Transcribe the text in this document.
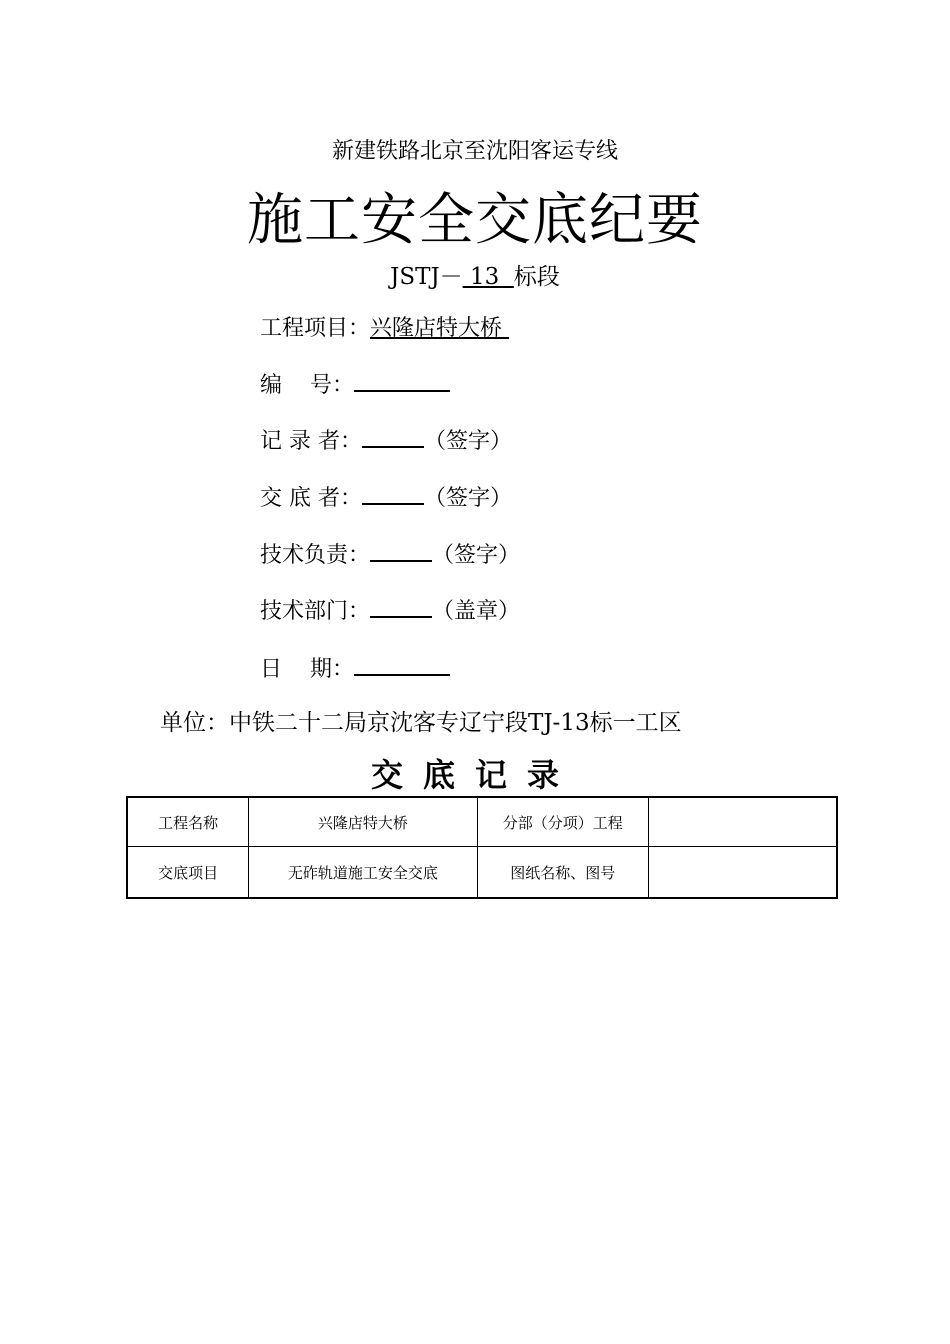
新建铁路北京至沈阳客运专线
施工安全交底纪要
JSTJ－ 13  标段
工程项目：兴隆店特大桥
编    号：
记 录 者：	（签字）
交 底 者：	（签字）
技术负责：	（签字）
技术部门：	（盖章）
日    期：
单位：中铁二十二局京沈客专辽宁段TJ-13标一工区
交底记录
工程名称	兴隆店特大桥	分部（分项）工程	
交底项目	无砟轨道施工安全交底	图纸名称、图号	
